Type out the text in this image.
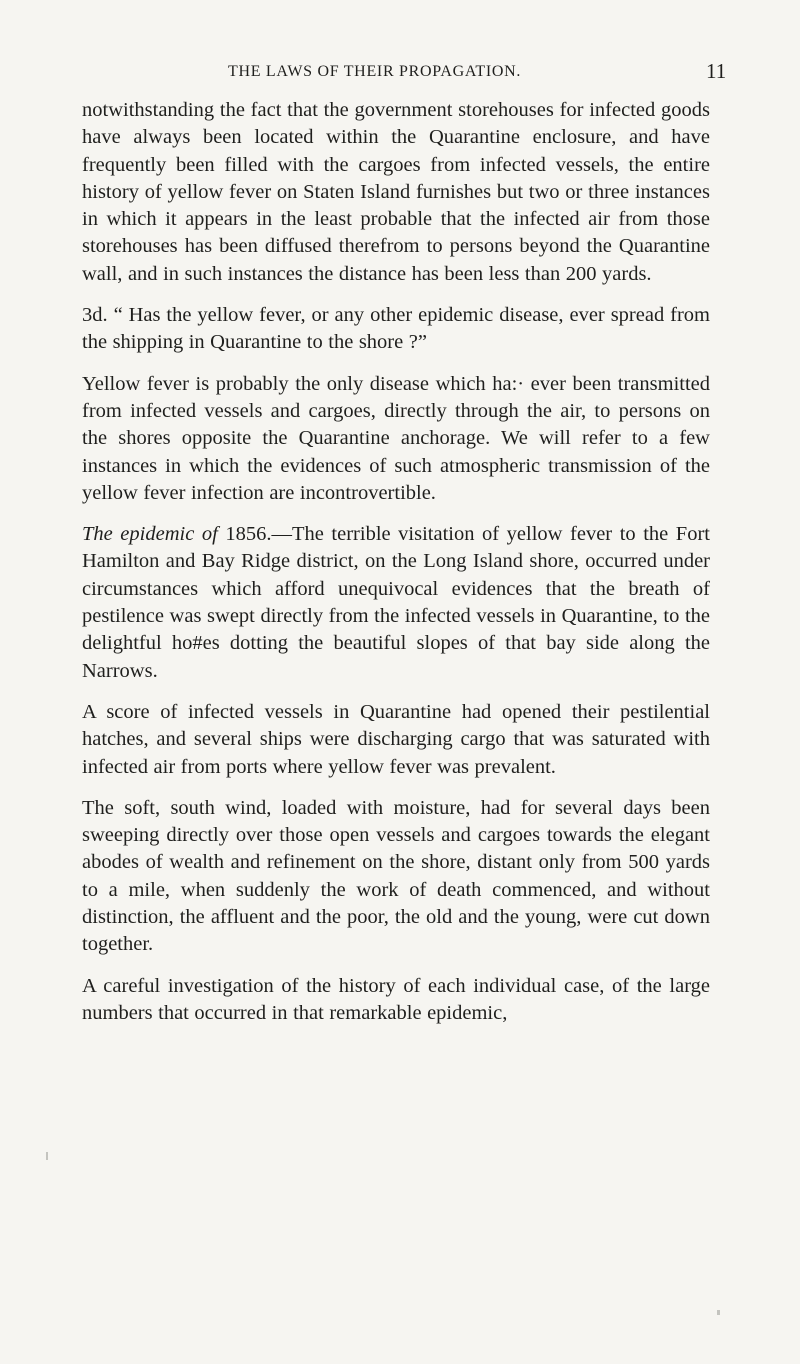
THE LAWS OF THEIR PROPAGATION.	11

notwithstanding the fact that the government storehouses for infected goods have always been located within the Quarantine enclosure, and have frequently been filled with the cargoes from infected vessels, the entire history of yellow fever on Staten Island furnishes but two or three instances in which it appears in the least probable that the infected air from those storehouses has been diffused therefrom to persons beyond the Quarantine wall, and in such instances the distance has been less than 200 yards.

3d. “ Has the yellow fever, or any other epidemic disease, ever spread from the shipping in Quarantine to the shore ?”

Yellow fever is probably the only disease which ha:· ever been transmitted from infected vessels and cargoes, directly through the air, to persons on the shores opposite the Quarantine anchorage. We will refer to a few instances in which the evidences of such atmospheric transmission of the yellow fever infection are incontrovertible.

The epidemic of 1856.—The terrible visitation of yellow fever to the Fort Hamilton and Bay Ridge district, on the Long Island shore, occurred under circumstances which afford unequivocal evidences that the breath of pestilence was swept directly from the infected vessels in Quarantine, to the delightful ho#es dotting the beautiful slopes of that bay side along the Narrows.

A score of infected vessels in Quarantine had opened their pestilential hatches, and several ships were discharging cargo that was saturated with infected air from ports where yellow fever was prevalent.

The soft, south wind, loaded with moisture, had for several days been sweeping directly over those open vessels and cargoes towards the elegant abodes of wealth and refinement on the shore, distant only from 500 yards to a mile, when suddenly the work of death commenced, and without distinction, the affluent and the poor, the old and the young, were cut down together.

A careful investigation of the history of each individual case, of the large numbers that occurred in that remarkable epidemic,
